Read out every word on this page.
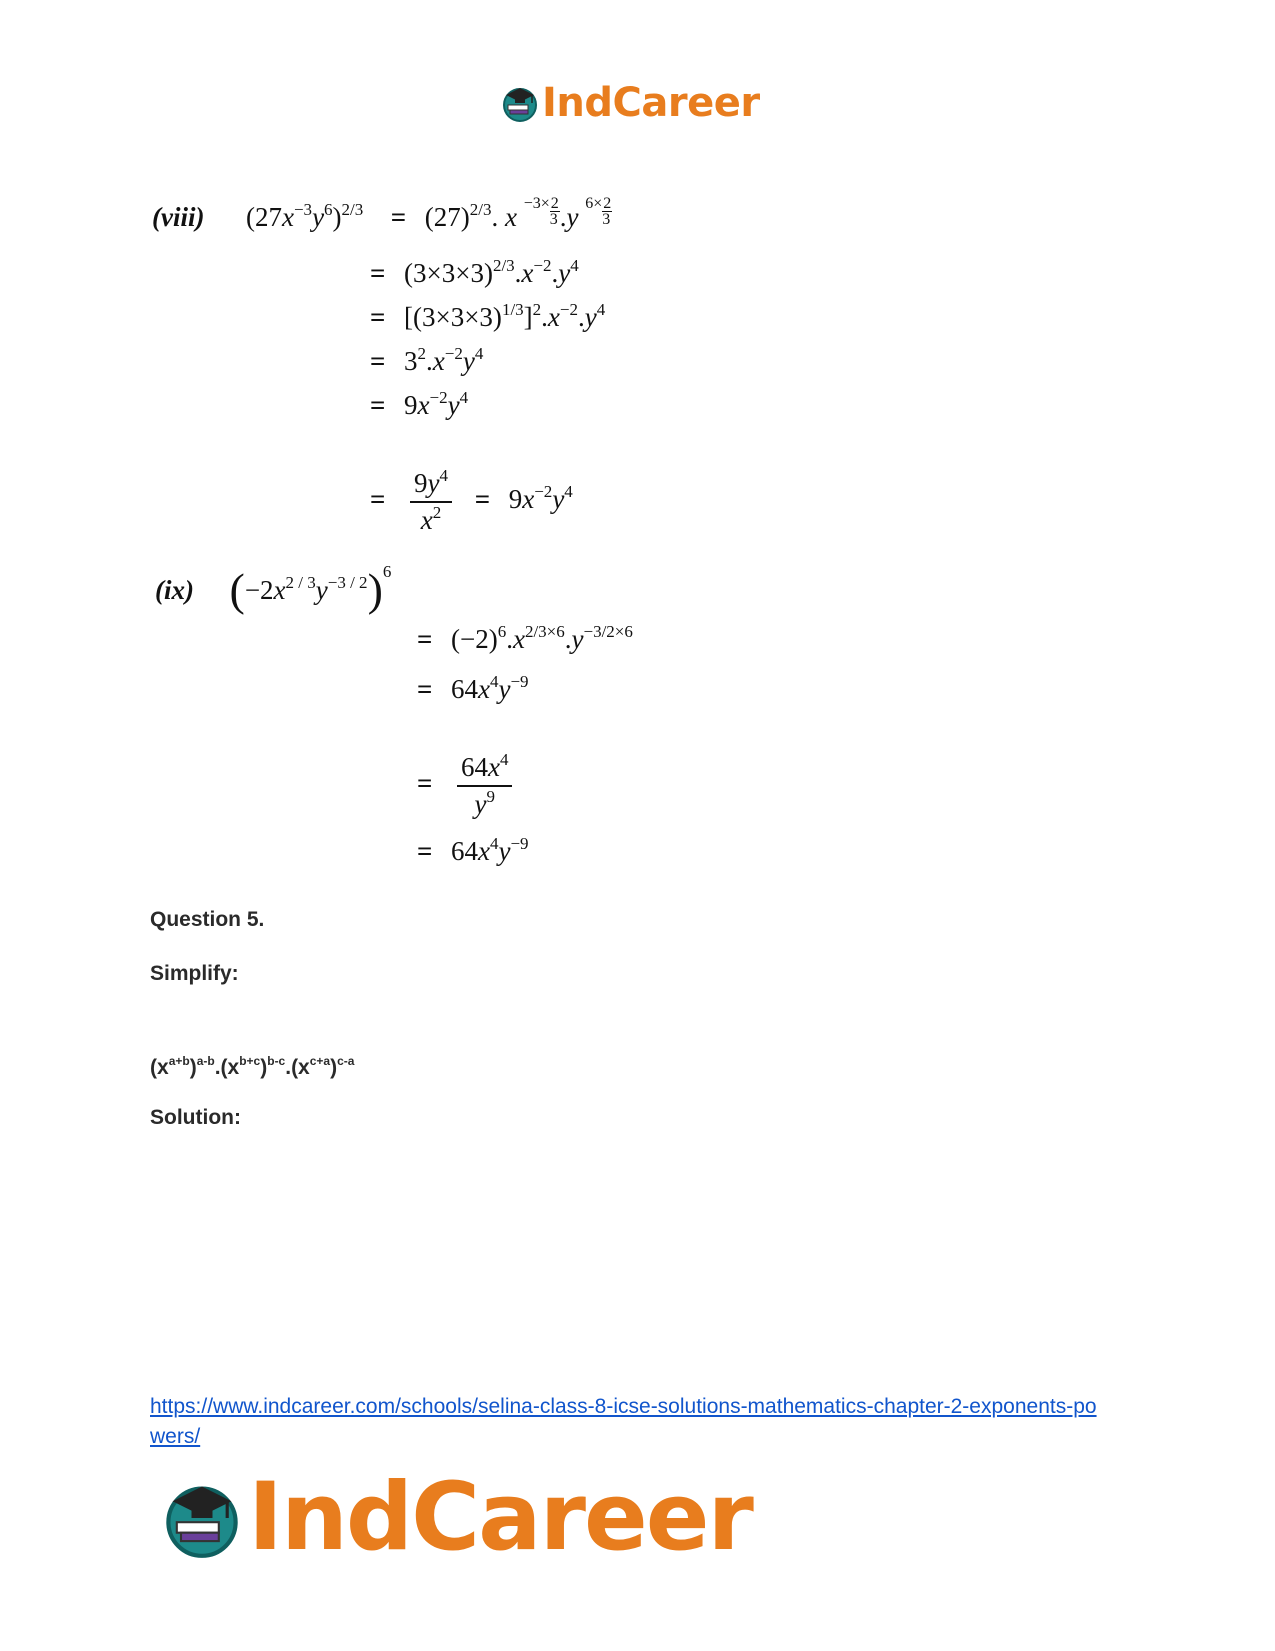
IndCareer
(viii) $(27x^{-3}y^6)^{2/3} = (27)^{2/3}$. $x -3\times \frac{2}{3} .y$ $6\times \frac{2}{3}$
= $(3\times 3\times 3)^{2/3}.x^{-2}.y^4$
= $[(3\times 3\times 3)^{1/3}]^2.x^{-2}.y^4$
= $3^2.x^{-2}y^4$
= $9x^{-2}y^4$
= $\frac{9y^4}{x^2} = 9x^{-2}y^4$
(ix) $(-2x^{2 / 3}y^{-3 / 2})^6$
= $(-2)^6.x^{2/3\times 6}.y^{-3/2\times 6}$
= $64x^4y^{-9}$
= $\frac{64x^4}{y^9}$
= $64x^4y^{-9}$
Question 5.
Simplify:
$(x^{a+b})^{a-b}.(x^{b+c})^{b-c}.(x^{c+a})^{c-a}$
Solution:
https://www.indcareer.com/schools/selina-class-8-icse-solutions-mathematics-chapter-2-exponents-powers/
IndCareer
